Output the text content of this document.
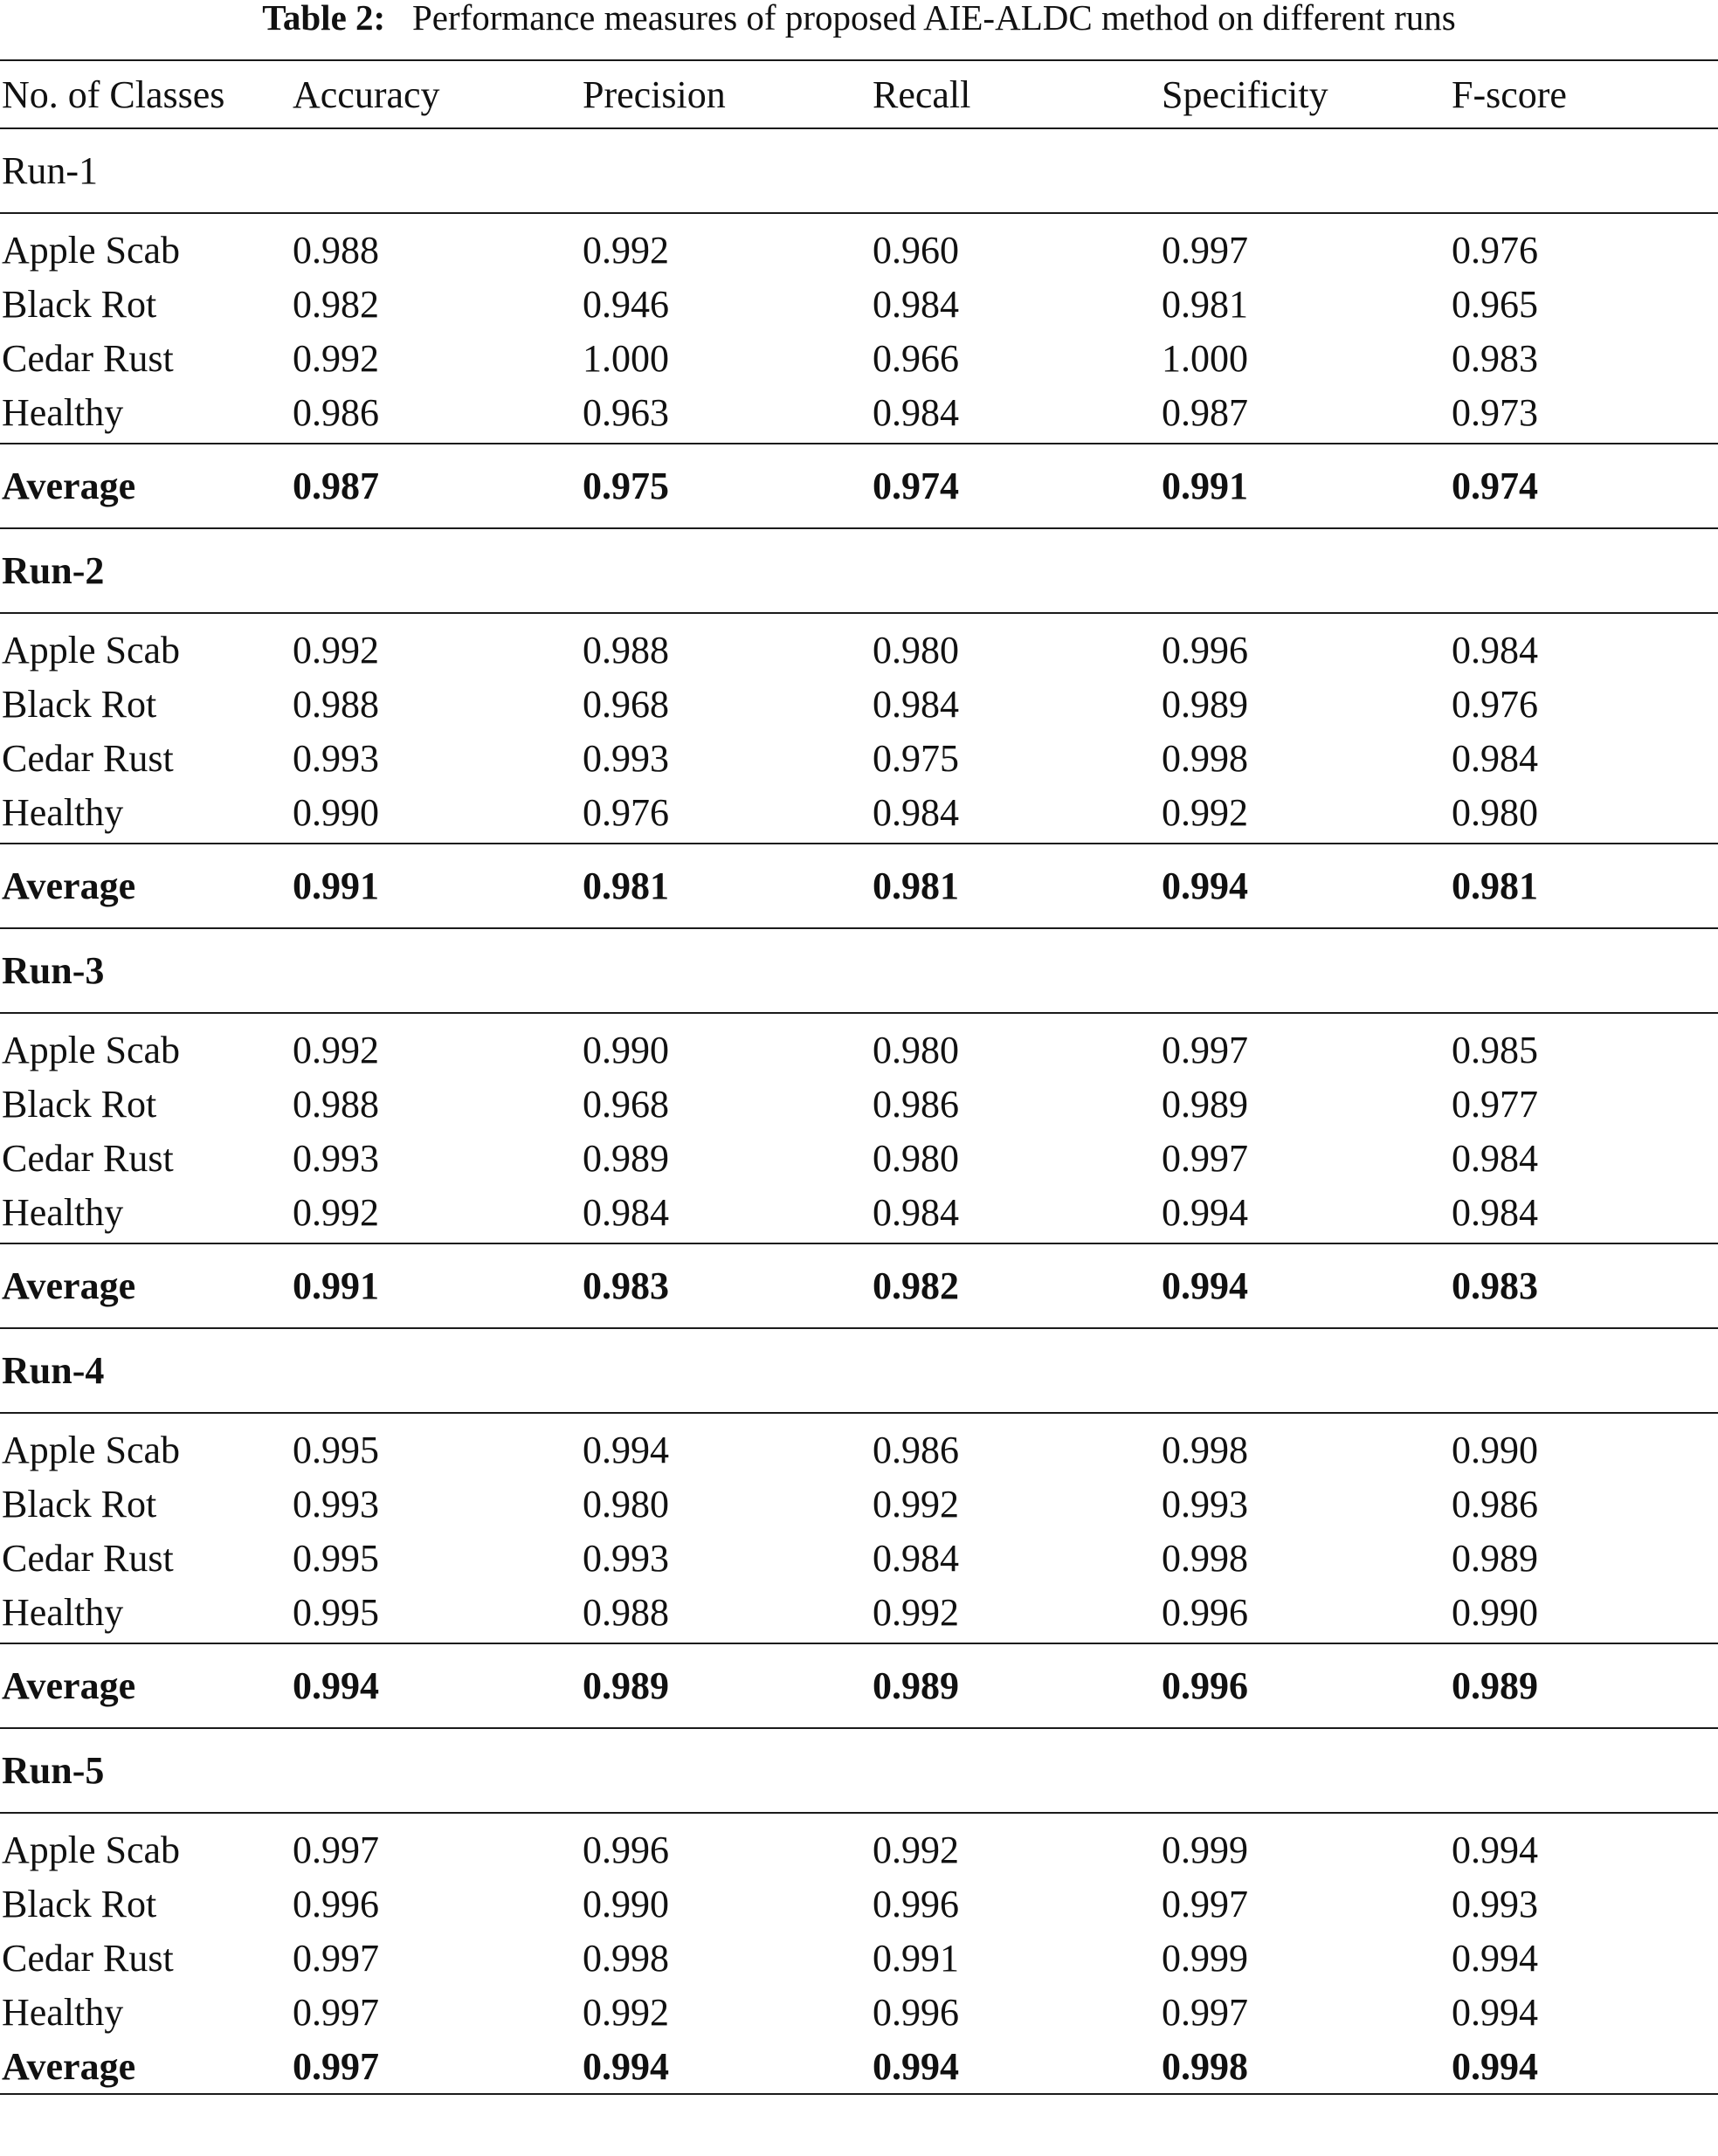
Table 2: Performance measures of proposed AIE-ALDC method on different runs
No. of Classes Accuracy	Precision	Recall	Specificity	F-score
Run-1
Apple Scab	0.988	0.992	0.960	0.997	0.976
Black Rot	0.982	0.946	0.984	0.981	0.965
Cedar Rust	0.992	1.000	0.966	1.000	0.983
Healthy	0.986	0.963	0.984	0.987	0.973
Average	0.987	0.975	0.974	0.991	0.974
Run-2
Apple Scab	0.992	0.988	0.980	0.996	0.984
Black Rot	0.988	0.968	0.984	0.989	0.976
Cedar Rust	0.993	0.993	0.975	0.998	0.984
Healthy	0.990	0.976	0.984	0.992	0.980
Average	0.991	0.981	0.981	0.994	0.981
Run-3
Apple Scab	0.992	0.990	0.980	0.997	0.985
Black Rot	0.988	0.968	0.986	0.989	0.977
Cedar Rust	0.993	0.989	0.980	0.997	0.984
Healthy	0.992	0.984	0.984	0.994	0.984
Average	0.991	0.983	0.982	0.994	0.983
Run-4
Apple Scab	0.995	0.994	0.986	0.998	0.990
Black Rot	0.993	0.980	0.992	0.993	0.986
Cedar Rust	0.995	0.993	0.984	0.998	0.989
Healthy	0.995	0.988	0.992	0.996	0.990
Average	0.994	0.989	0.989	0.996	0.989
Run-5
Apple Scab	0.997	0.996	0.992	0.999	0.994
Black Rot	0.996	0.990	0.996	0.997	0.993
Cedar Rust	0.997	0.998	0.991	0.999	0.994
Healthy	0.997	0.992	0.996	0.997	0.994
Average	0.997	0.994	0.994	0.998	0.994
